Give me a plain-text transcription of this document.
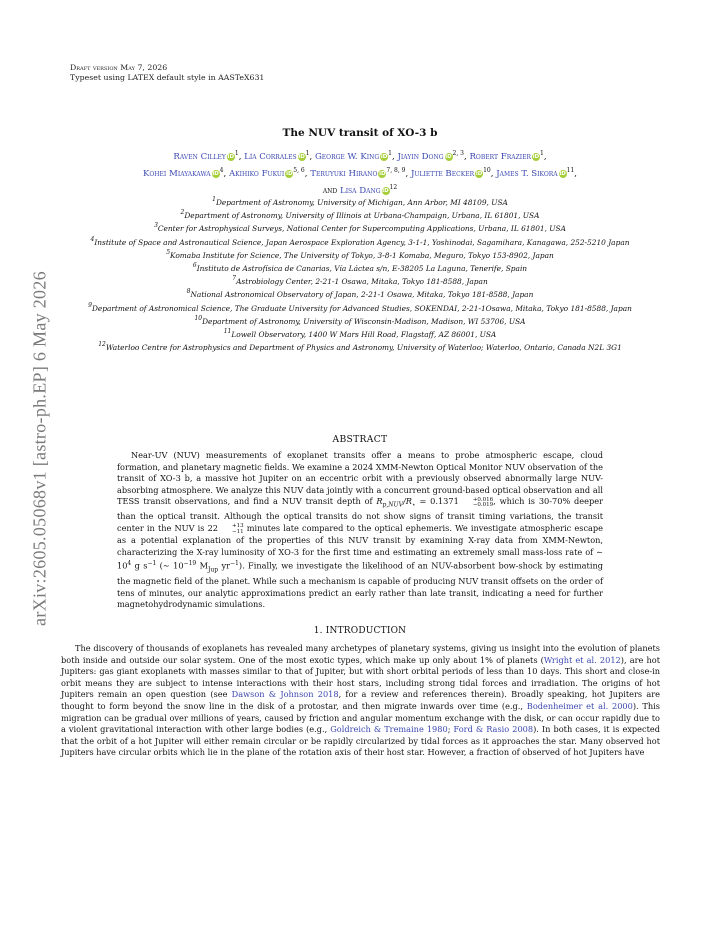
arXiv:2605.05068v1 [astro-ph.EP] 6 May 2026
Draft version May 7, 2026
Typeset using LATEX default style in AASTeX631
The NUV transit of XO-3 b
Raven Cilley $iD^1$, Lía Corrales $iD^1$, George W. King $iD^1$, Jiayin Dong iD$^{2, 3}$, Robert Frazier $iD^1$,
Kohei Miayakawa $iD^4$, Akihiko Fukui iD$^{5, 6}$, Teruyuki Hirano iD$^{7, 8, 9}$, Juliette Becker $iD^{10}$, James T. Sikora $iD^{11}$,
and Lisa Dang $iD^{12}$
$^1$Department of Astronomy, University of Michigan, Ann Arbor, MI 48109, USA
$^2$Department of Astronomy, University of Illinois at Urbana-Champaign, Urbana, IL 61801, USA
$^3$Center for Astrophysical Surveys, National Center for Supercomputing Applications, Urbana, IL 61801, USA
$^4$Institute of Space and Astronautical Science, Japan Aerospace Exploration Agency, 3-1-1, Yoshinodai, Sagamihara, Kanagawa, 252-5210 Japan
$^5$Komaba Institute for Science, The University of Tokyo, 3-8-1 Komaba, Meguro, Tokyo 153-8902, Japan
$^6$Instituto de Astrofísica de Canarias, Vía Láctea s/n, E-38205 La Laguna, Tenerife, Spain
$^7$Astrobiology Center, 2-21-1 Osawa, Mitaka, Tokyo 181-8588, Japan
$^8$National Astronomical Observatory of Japan, 2-21-1 Osawa, Mitaka, Tokyo 181-8588, Japan
$^9$Department of Astronomical Science, The Graduate University for Advanced Studies, SOKENDAI, 2-21-1Osawa, Mitaka, Tokyo 181-8588, Japan
$^{10}$Department of Astronomy, University of Wisconsin-Madison, Madison, WI 53706, USA
$^{11}$Lowell Observatory, 1400 W Mars Hill Road, Flagstaff, AZ 86001, USA
$^{12}$Waterloo Centre for Astrophysics and Department of Physics and Astronomy, University of Waterloo; Waterloo, Ontario, Canada N2L 3G1
ABSTRACT
Near-UV (NUV) measurements of exoplanet transits offer a means to probe atmospheric escape, cloud formation, and planetary magnetic fields. We examine a 2024 XMM-Newton Optical Monitor NUV observation of the transit of XO-3 b, a massive hot Jupiter on an eccentric orbit with a previously observed abnormally large NUV-absorbing atmosphere. We analyze this NUV data jointly with a concurrent ground-based optical observation and all TESS transit observations, and find a NUV transit depth of $R_{p,NUV}/R_⋆ = 0.1371$	+0.016
−0.019 , which is 30-70% deeper than the optical transit. Although the optical transits do not show signs of transit timing variations, the transit center in the NUV is 22	+13
−11 minutes late compared to the optical ephemeris. We investigate atmospheric escape as a potential explanation of the properties of this NUV transit by examining X-ray data from XMM-Newton, characterizing the X-ray luminosity of XO-3 for the first time and estimating an extremely small mass-loss rate of ∼ $10^4$ g $s^{-1}$ (∼ $10^{-19}$ $M_{Jup}$ $yr^{-1}$). Finally, we investigate the likelihood of an NUV-absorbent bow-shock by estimating the magnetic field of the planet. While such a mechanism is capable of producing NUV transit offsets on the order of tens of minutes, our analytic approximations predict an early rather than late transit, indicating a need for further magnetohydrodynamic simulations.
1. INTRODUCTION
The discovery of thousands of exoplanets has revealed many archetypes of planetary systems, giving us insight into the evolution of planets both inside and outside our solar system. One of the most exotic types, which make up only about 1% of planets (Wright et al. 2012), are hot Jupiters: gas giant exoplanets with masses similar to that of Jupiter, but with short orbital periods of less than 10 days. This short and close-in orbit means they are subject to intense interactions with their host stars, including strong tidal forces and irradiation. The origins of hot Jupiters remain an open question (see Dawson & Johnson 2018, for a review and references therein). Broadly speaking, hot Jupiters are thought to form beyond the snow line in the disk of a protostar, and then migrate inwards over time (e.g., Bodenheimer et al. 2000). This migration can be gradual over millions of years, caused by friction and angular momentum exchange with the disk, or can occur rapidly due to a violent gravitational interaction with other large bodies (e.g., Goldreich & Tremaine 1980; Ford & Rasio 2008). In both cases, it is expected that the orbit of a hot Jupiter will either remain circular or be rapidly circularized by tidal forces as it approaches the star. Many observed hot Jupiters have circular orbits which lie in the plane of the rotation axis of their host star. However, a fraction of observed of hot Jupiters have
